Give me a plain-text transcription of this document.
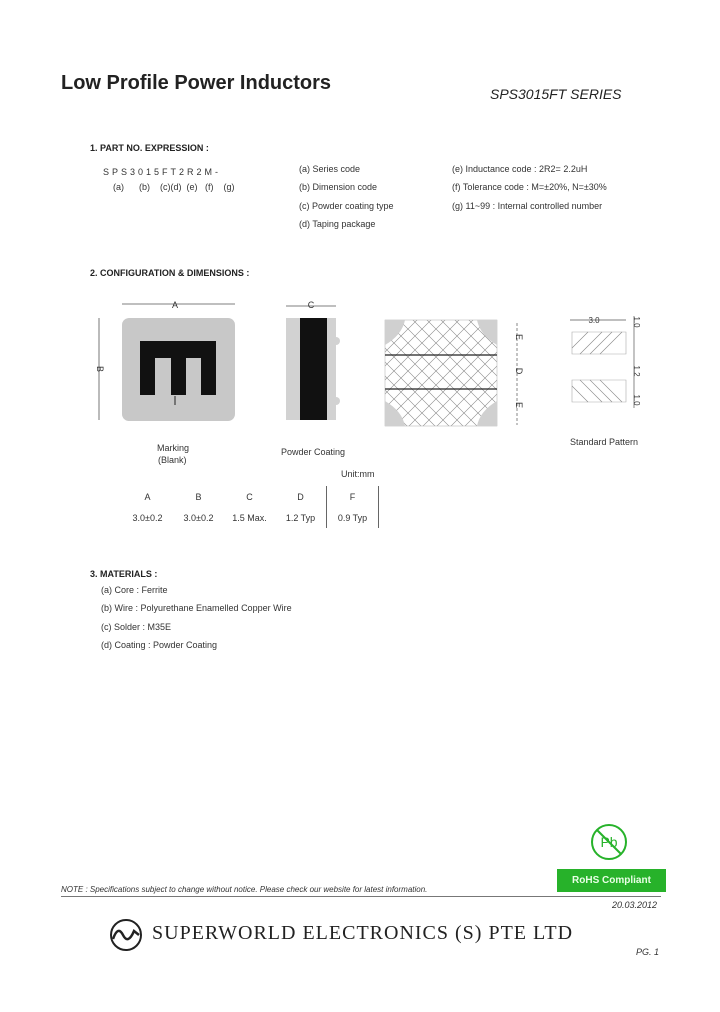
Low Profile Power Inductors	SPS3015FT SERIES
1. PART NO. EXPRESSION :
SPS3015FT2R2M-
(a)      (b)    (c)(d)  (e)   (f)    (g)
(a) Series code
(b) Dimension code
(c) Powder coating type
(d) Taping package
(e) Inductance code : 2R2= 2.2uH
(f) Tolerance code : M=±20%, N=±30%
(g) 11~99 : Internal controlled number
2. CONFIGURATION & DIMENSIONS :
A
B
Marking
(Blank)
C
Powder Coating
E
D
E
3.0	1.0
1.2
1.0
Standard Pattern
Unit:mm
A	B	C	D	F
3.0±0.2	3.0±0.2	1.5 Max.	1.2 Typ	0.9 Typ
3. MATERIALS :
(a) Core : Ferrite
(b) Wire : Polyurethane Enamelled Copper Wire
(c) Solder : M35E
(d) Coating : Powder Coating
Pb
RoHS Compliant
NOTE : Specifications subject to change without notice. Please check our website for latest information.
20.03.2012
SUPERWORLD ELECTRONICS (S) PTE LTD
PG. 1
